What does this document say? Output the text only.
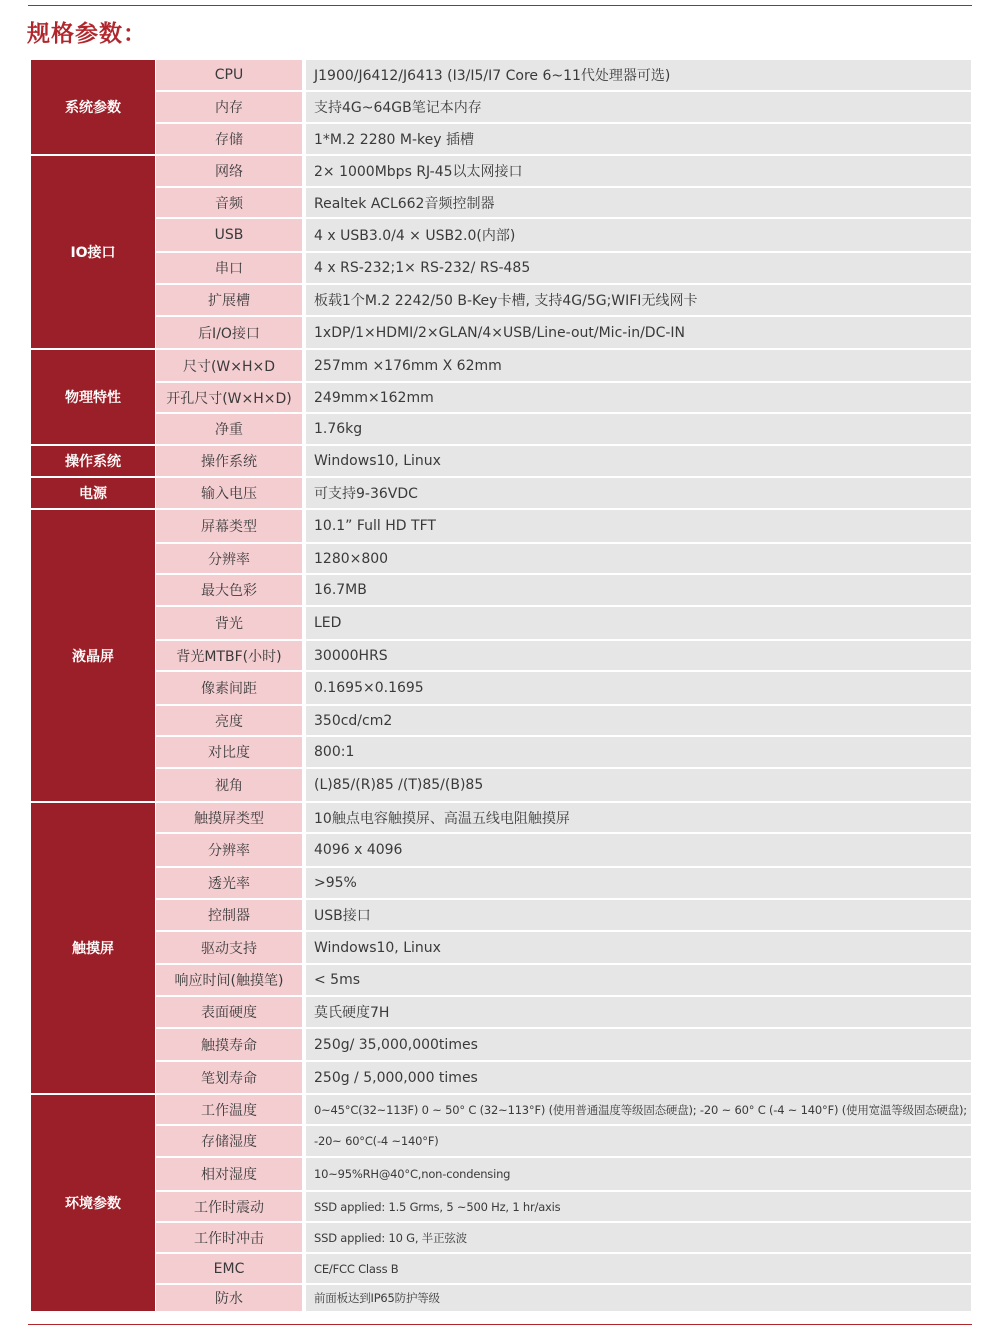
规格参数：
系统参数	CPU	J1900/J6412/J6413 (I3/I5/I7 Core 6~11代处理器可选)
	内存	支持4G~64GB笔记本内存
	存储	1*M.2 2280 M-key 插槽
IO接口	网络	2× 1000Mbps RJ-45以太网接口
	音频	Realtek ACL662音频控制器
	USB	4 x USB3.0/4 × USB2.0(内部)
	串口	4 x RS-232;1× RS-232/ RS-485
	扩展槽	板载1个M.2 2242/50 B-Key卡槽, 支持4G/5G;WIFI无线网卡
	后I/O接口	1xDP/1×HDMI/2×GLAN/4×USB/Line-out/Mic-in/DC-IN
物理特性	尺寸(W×H×D	257mm ×176mm X 62mm
	开孔尺寸(W×H×D)	249mm×162mm
	净重	1.76kg
操作系统	操作系统	Windows10, Linux
电源	输入电压	可支持9-36VDC
液晶屏	屏幕类型	10.1” Full HD TFT
	分辨率	1280×800
	最大色彩	16.7MB
	背光	LED
	背光MTBF(小时)	30000HRS
	像素间距	0.1695×0.1695
	亮度	350cd/cm2
	对比度	800:1
	视角	(L)85/(R)85 /(T)85/(B)85
触摸屏	触摸屏类型	10触点电容触摸屏、高温五线电阻触摸屏
	分辨率	4096 x 4096
	透光率	>95%
	控制器	USB接口
	驱动支持	Windows10, Linux
	响应时间(触摸笔)	< 5ms
	表面硬度	莫氏硬度7H
	触摸寿命	250g/ 35,000,000times
	笔划寿命	250g / 5,000,000 times
环境参数	工作温度	0~45°C(32~113F) 0 ~ 50° C (32~113°F) (使用普通温度等级固态硬盘); -20 ~ 60° C (-4 ~ 140°F) (使用宽温等级固态硬盘);
	存储湿度	-20~ 60°C(-4 ~140°F)
	相对湿度	10~95%RH@40°C,non-condensing
	工作时震动	SSD applied: 1.5 Grms, 5 ~500 Hz, 1 hr/axis
	工作时冲击	SSD applied: 10 G, 半正弦波
	EMC	CE/FCC Class B
	防水	前面板达到IP65防护等级
